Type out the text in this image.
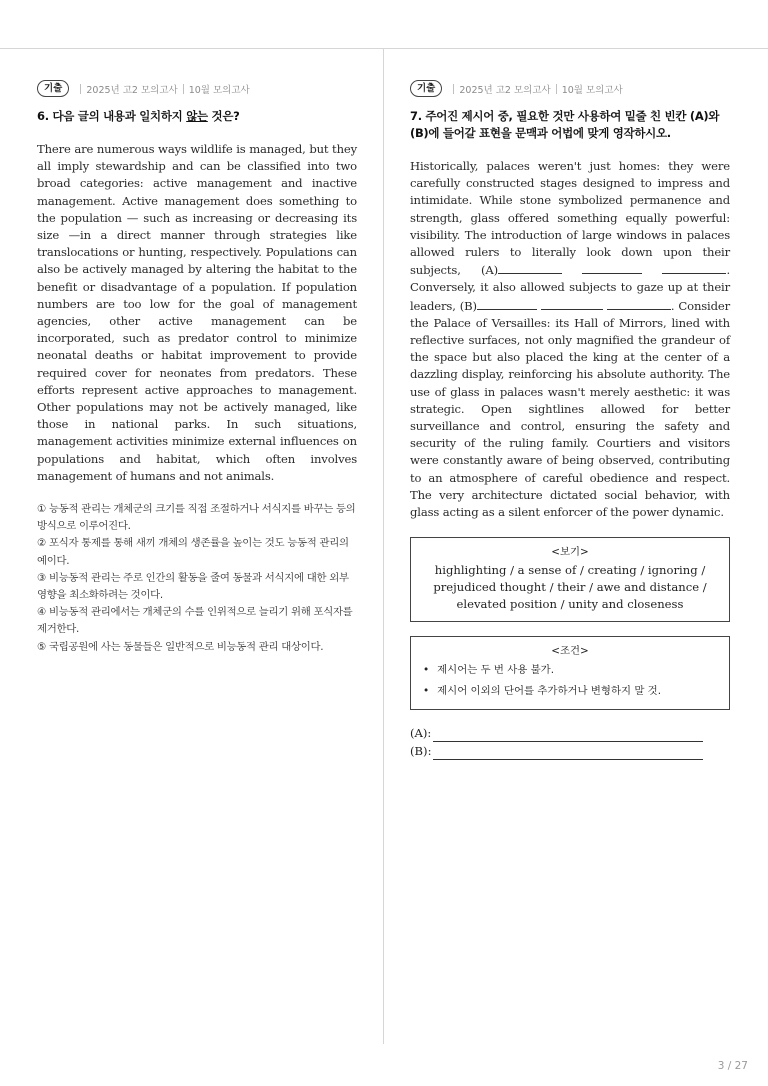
기출	2025년 고2 모의고사 10월 모의고사
6. 다음 글의 내용과 일치하지 않는 것은?
There are numerous ways wildlife is managed, but they all imply stewardship and can be classified into two broad categories: active management and inactive management. Active management does something to the population — such as increasing or decreasing its size —in a direct manner through strategies like translocations or hunting, respectively. Populations can also be actively managed by altering the habitat to the benefit or disadvantage of a population. If population numbers are too low for the goal of management agencies, other active management can be incorporated, such as predator control to minimize neonatal deaths or habitat improvement to provide required cover for neonates from predators. These efforts represent active approaches to management. Other populations may not be actively managed, like those in national parks. In such situations, management activities minimize external influences on populations and habitat, which often involves management of humans and not animals.

① 능동적 관리는 개체군의 크기를 직접 조절하거나 서식지를 바꾸는 등의 방식으로 이루어진다.

② 포식자 통제를 통해 새끼 개체의 생존률을 높이는 것도 능동적 관리의 예이다.

③ 비능동적 관리는 주로 인간의 활동을 줄여 동물과 서식지에 대한 외부 영향을 최소화하려는 것이다.

④ 비능동적 관리에서는 개체군의 수를 인위적으로 늘리기 위해 포식자를 제거한다.

⑤ 국립공원에 사는 동물들은 일반적으로 비능동적 관리 대상이다.

기출	2025년 고2 모의고사 10월 모의고사
7. 주어진 제시어 중, 필요한 것만 사용하여 밑줄 친 빈칸 (A)와 (B)에 들어갈 표현을 문맥과 어법에 맞게 영작하시오.
Historically, palaces weren't just homes: they were carefully constructed stages designed to impress and intimidate. While stone symbolized permanence and strength, glass offered something equally powerful: visibility. The introduction of large windows in palaces allowed rulers to literally look down upon their subjects, (A)	. Conversely, it also allowed subjects to gaze up at their leaders, (B)	. Consider the Palace of Versailles: its Hall of Mirrors, lined with reflective surfaces, not only magnified the grandeur of the space but also placed the king at the center of a dazzling display, reinforcing his absolute authority. The use of glass in palaces wasn't merely aesthetic: it was strategic. Open sightlines allowed for better surveillance and control, ensuring the safety and security of the ruling family. Courtiers and visitors were constantly aware of being observed, contributing to an atmosphere of careful obedience and respect. The very architecture dictated social behavior, with glass acting as a silent enforcer of the power dynamic.
<보기>
highlighting / a sense of / creating / ignoring / prejudiced thought / their / awe and distance / elevated position / unity and closeness
<조건>
• 제시어는 두 번 사용 불가.
• 제시어 이외의 단어를 추가하거나 변형하지 말 것.
(A):
(B):
3 / 27
